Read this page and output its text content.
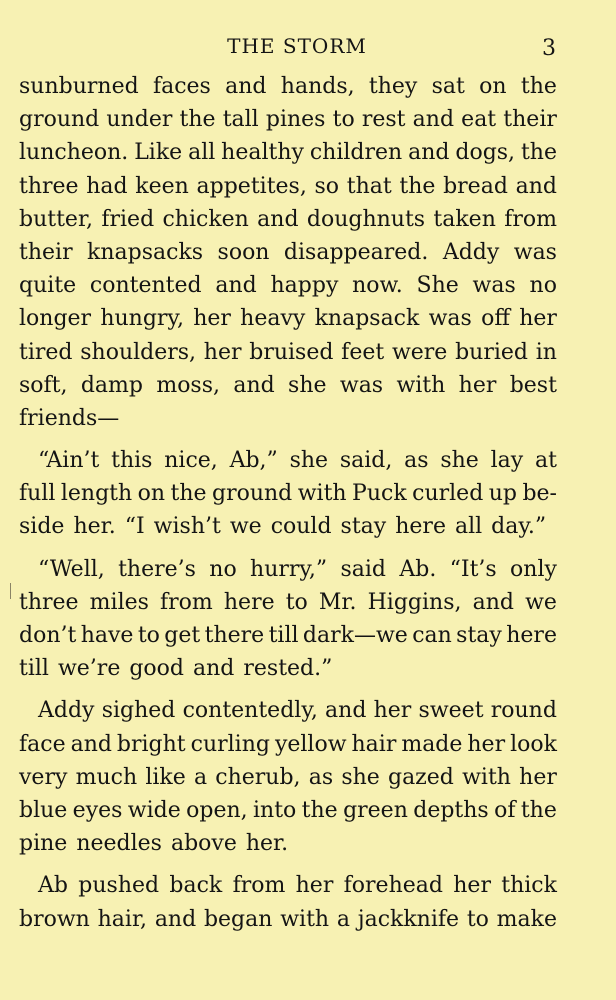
THE STORM	3
sunburned faces and hands, they sat on the
ground under the tall pines to rest and eat their
luncheon. Like all healthy children and dogs, the
three had keen appetites, so that the bread and
butter, fried chicken and doughnuts taken from
their knapsacks soon disappeared. Addy was
quite contented and happy now. She was no
longer hungry, her heavy knapsack was off her
tired shoulders, her bruised feet were buried in
soft, damp moss, and she was with her best
friends—
“Ain’t this nice, Ab,” she said, as she lay at
full length on the ground with Puck curled up be-
side her. “I wish’t we could stay here all day.”
“Well, there’s no hurry,” said Ab. “It’s only
three miles from here to Mr. Higgins, and we
don’t have to get there till dark—we can stay here
till we’re good and rested.”
Addy sighed contentedly, and her sweet round
face and bright curling yellow hair made her look
very much like a cherub, as she gazed with her
blue eyes wide open, into the green depths of the
pine needles above her.
Ab pushed back from her forehead her thick
brown hair, and began with a jackknife to make
